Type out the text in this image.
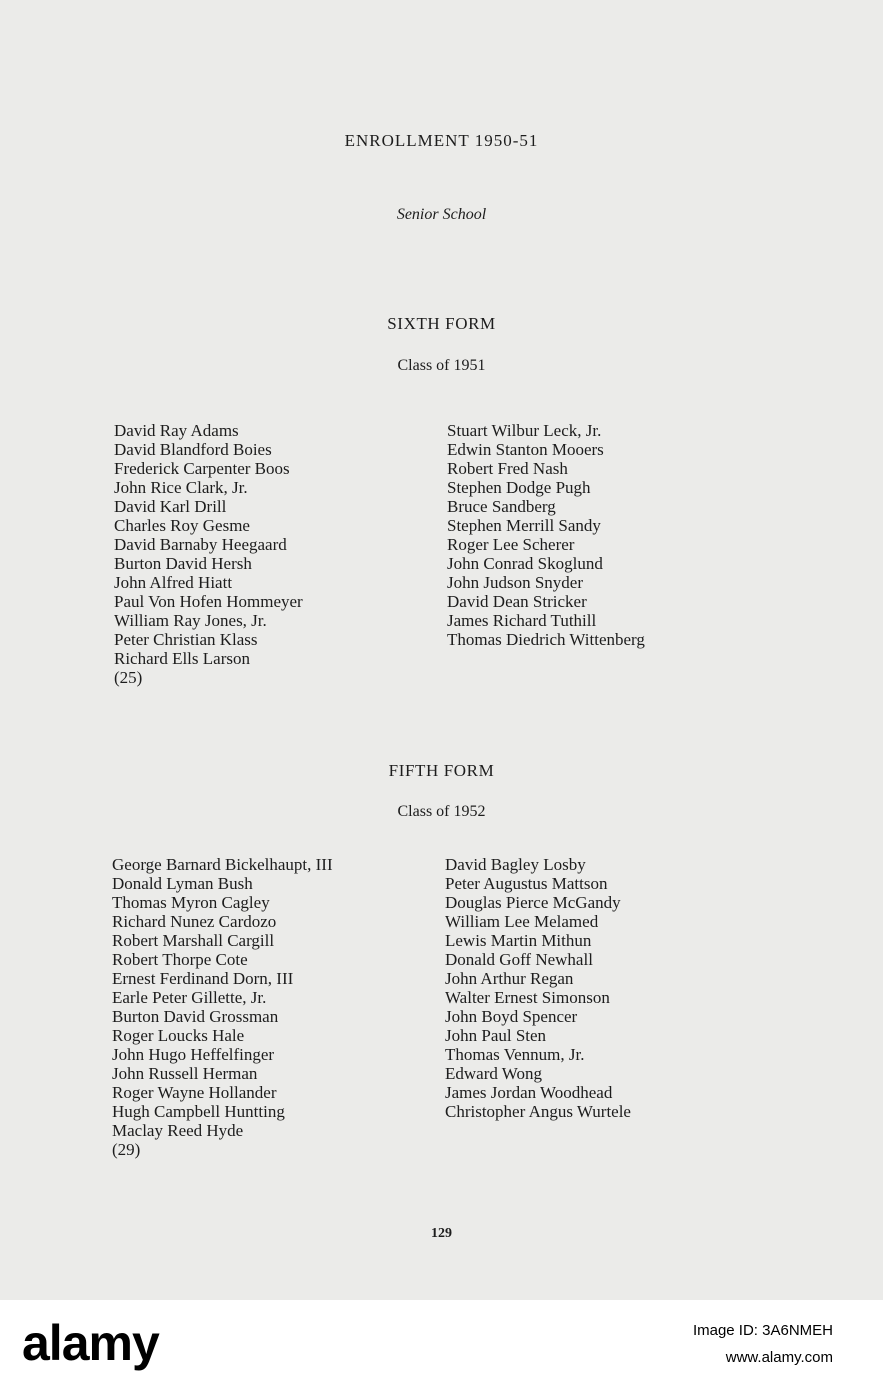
ENROLLMENT 1950-51
Senior School
SIXTH FORM
Class of 1951
David Ray Adams
David Blandford Boies
Frederick Carpenter Boos
John Rice Clark, Jr.
David Karl Drill
Charles Roy Gesme
David Barnaby Heegaard
Burton David Hersh
John Alfred Hiatt
Paul Von Hofen Hommeyer
William Ray Jones, Jr.
Peter Christian Klass
Richard Ells Larson
Stuart Wilbur Leck, Jr.
Edwin Stanton Mooers
Robert Fred Nash
Stephen Dodge Pugh
Bruce Sandberg
Stephen Merrill Sandy
Roger Lee Scherer
John Conrad Skoglund
John Judson Snyder
David Dean Stricker
James Richard Tuthill
Thomas Diedrich Wittenberg
(25)
FIFTH FORM
Class of 1952
George Barnard Bickelhaupt, III
Donald Lyman Bush
Thomas Myron Cagley
Richard Nunez Cardozo
Robert Marshall Cargill
Robert Thorpe Cote
Ernest Ferdinand Dorn, III
Earle Peter Gillette, Jr.
Burton David Grossman
Roger Loucks Hale
John Hugo Heffelfinger
John Russell Herman
Roger Wayne Hollander
Hugh Campbell Huntting
Maclay Reed Hyde
David Bagley Losby
Peter Augustus Mattson
Douglas Pierce McGandy
William Lee Melamed
Lewis Martin Mithun
Donald Goff Newhall
John Arthur Regan
Walter Ernest Simonson
John Boyd Spencer
John Paul Sten
Thomas Vennum, Jr.
Edward Wong
James Jordan Woodhead
Christopher Angus Wurtele
(29)
129
alamy	Image ID: 3A6NMEH
www.alamy.com
